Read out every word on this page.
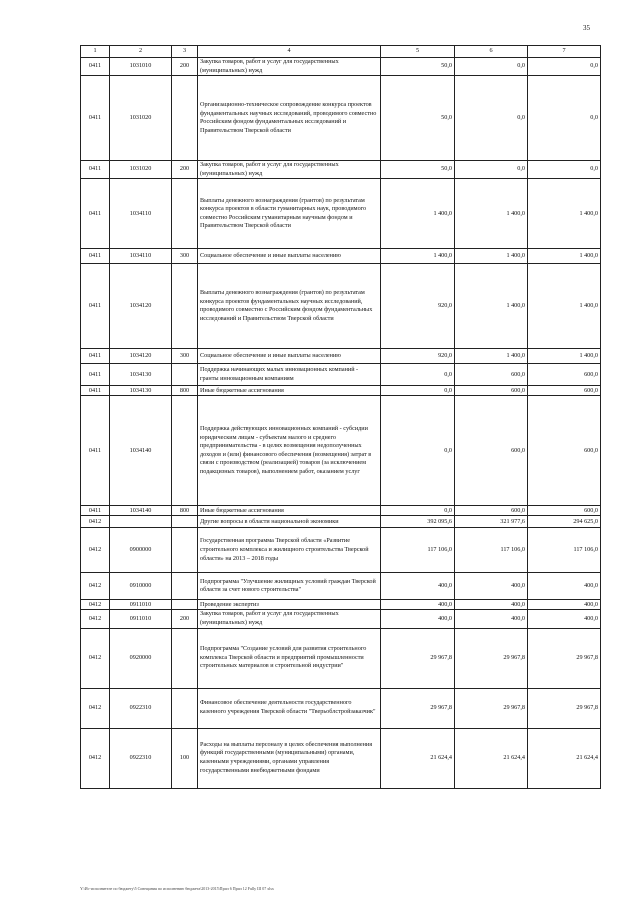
35
1	2	3	4	5	6	7
0411	1031010	200	Закупка товаров, работ и услуг для государственных (муниципальных) нужд	50,0	0,0	0,0
0411	1031020		Организационно-техническое сопровождение конкурса проектов фундаментальных научных исследований, проводимого совместно Российским фондом фундаментальных исследований и Правительством Тверской области	50,0	0,0	0,0
0411	1031020	200	Закупка товаров, работ и услуг для государственных (муниципальных) нужд	50,0	0,0	0,0
0411	1034110		Выплаты денежного вознаграждения (грантов) по результатам конкурса проектов в области гуманитарных наук, проводимого совместно Российским гуманитарным научным фондом и Правительством Тверской области	1 400,0	1 400,0	1 400,0
0411	1034110	300	Социальное обеспечение и иные выплаты населению	1 400,0	1 400,0	1 400,0
0411	1034120		Выплаты денежного вознаграждения (грантов) по результатам конкурса проектов фундаментальных научных исследований, проводимого совместно с Российским фондом фундаментальных исследований и Правительством Тверской области	920,0	1 400,0	1 400,0
0411	1034120	300	Социальное обеспечение и иные выплаты населению	920,0	1 400,0	1 400,0
0411	1034130		Поддержка начинающих малых инновационных компаний - гранты инновационным компаниям	0,0	600,0	600,0
0411	1034130	800	Иные бюджетные ассигнования	0,0	600,0	600,0
0411	1034140		Поддержка действующих инновационных компаний - субсидии юридическим лицам - субъектам малого и среднего предпринимательства - в целях возмещения недополученных доходов и (или) финансового обеспечения (возмещения) затрат в связи с производством (реализацией) товаров (за исключением подакцизных товаров), выполнением работ, оказанием услуг	0,0	600,0	600,0
0411	1034140	800	Иные бюджетные ассигнования	0,0	600,0	600,0
0412			Другие вопросы в области национальной экономики	392 095,6	321 977,6	294 625,0
0412	0900000		Государственная программа Тверской области «Развитие строительного комплекса и жилищного строительства Тверской области» на 2013 – 2018 годы	117 106,0	117 106,0	117 106,0
0412	0910000		Подпрограмма "Улучшение жилищных условий граждан Тверской области за счет нового строительства"	400,0	400,0	400,0
0412	0911010		Проведение экспертиз	400,0	400,0	400,0
0412	0911010	200	Закупка товаров, работ и услуг для государственных (муниципальных) нужд	400,0	400,0	400,0
0412	0920000		Подпрограмма "Создание условий для развития строительного комплекса Тверской области и предприятий промышленности строительных материалов и строительной индустрии"	29 967,8	29 967,8	29 967,8
0412	0922310		Финансовое обеспечение деятельности государственного казенного учреждения Тверской области "Тверьоблстройзаказчик"	29 967,8	29 967,8	29 967,8
0412	0922310	100	Расходы на выплаты персоналу в целях обеспечения выполнения функций государственными (муниципальными) органами, казенными учреждениями, органами управления государственными внебюджетными фондами	21 624,4	21 624,4	21 624,4
Y:\Ис-исполнителе по бюджету\5 Совещания по исполнению бюджета\2013-2015\Прил 6 Прил 12 Fully Ш 07 xlsx
